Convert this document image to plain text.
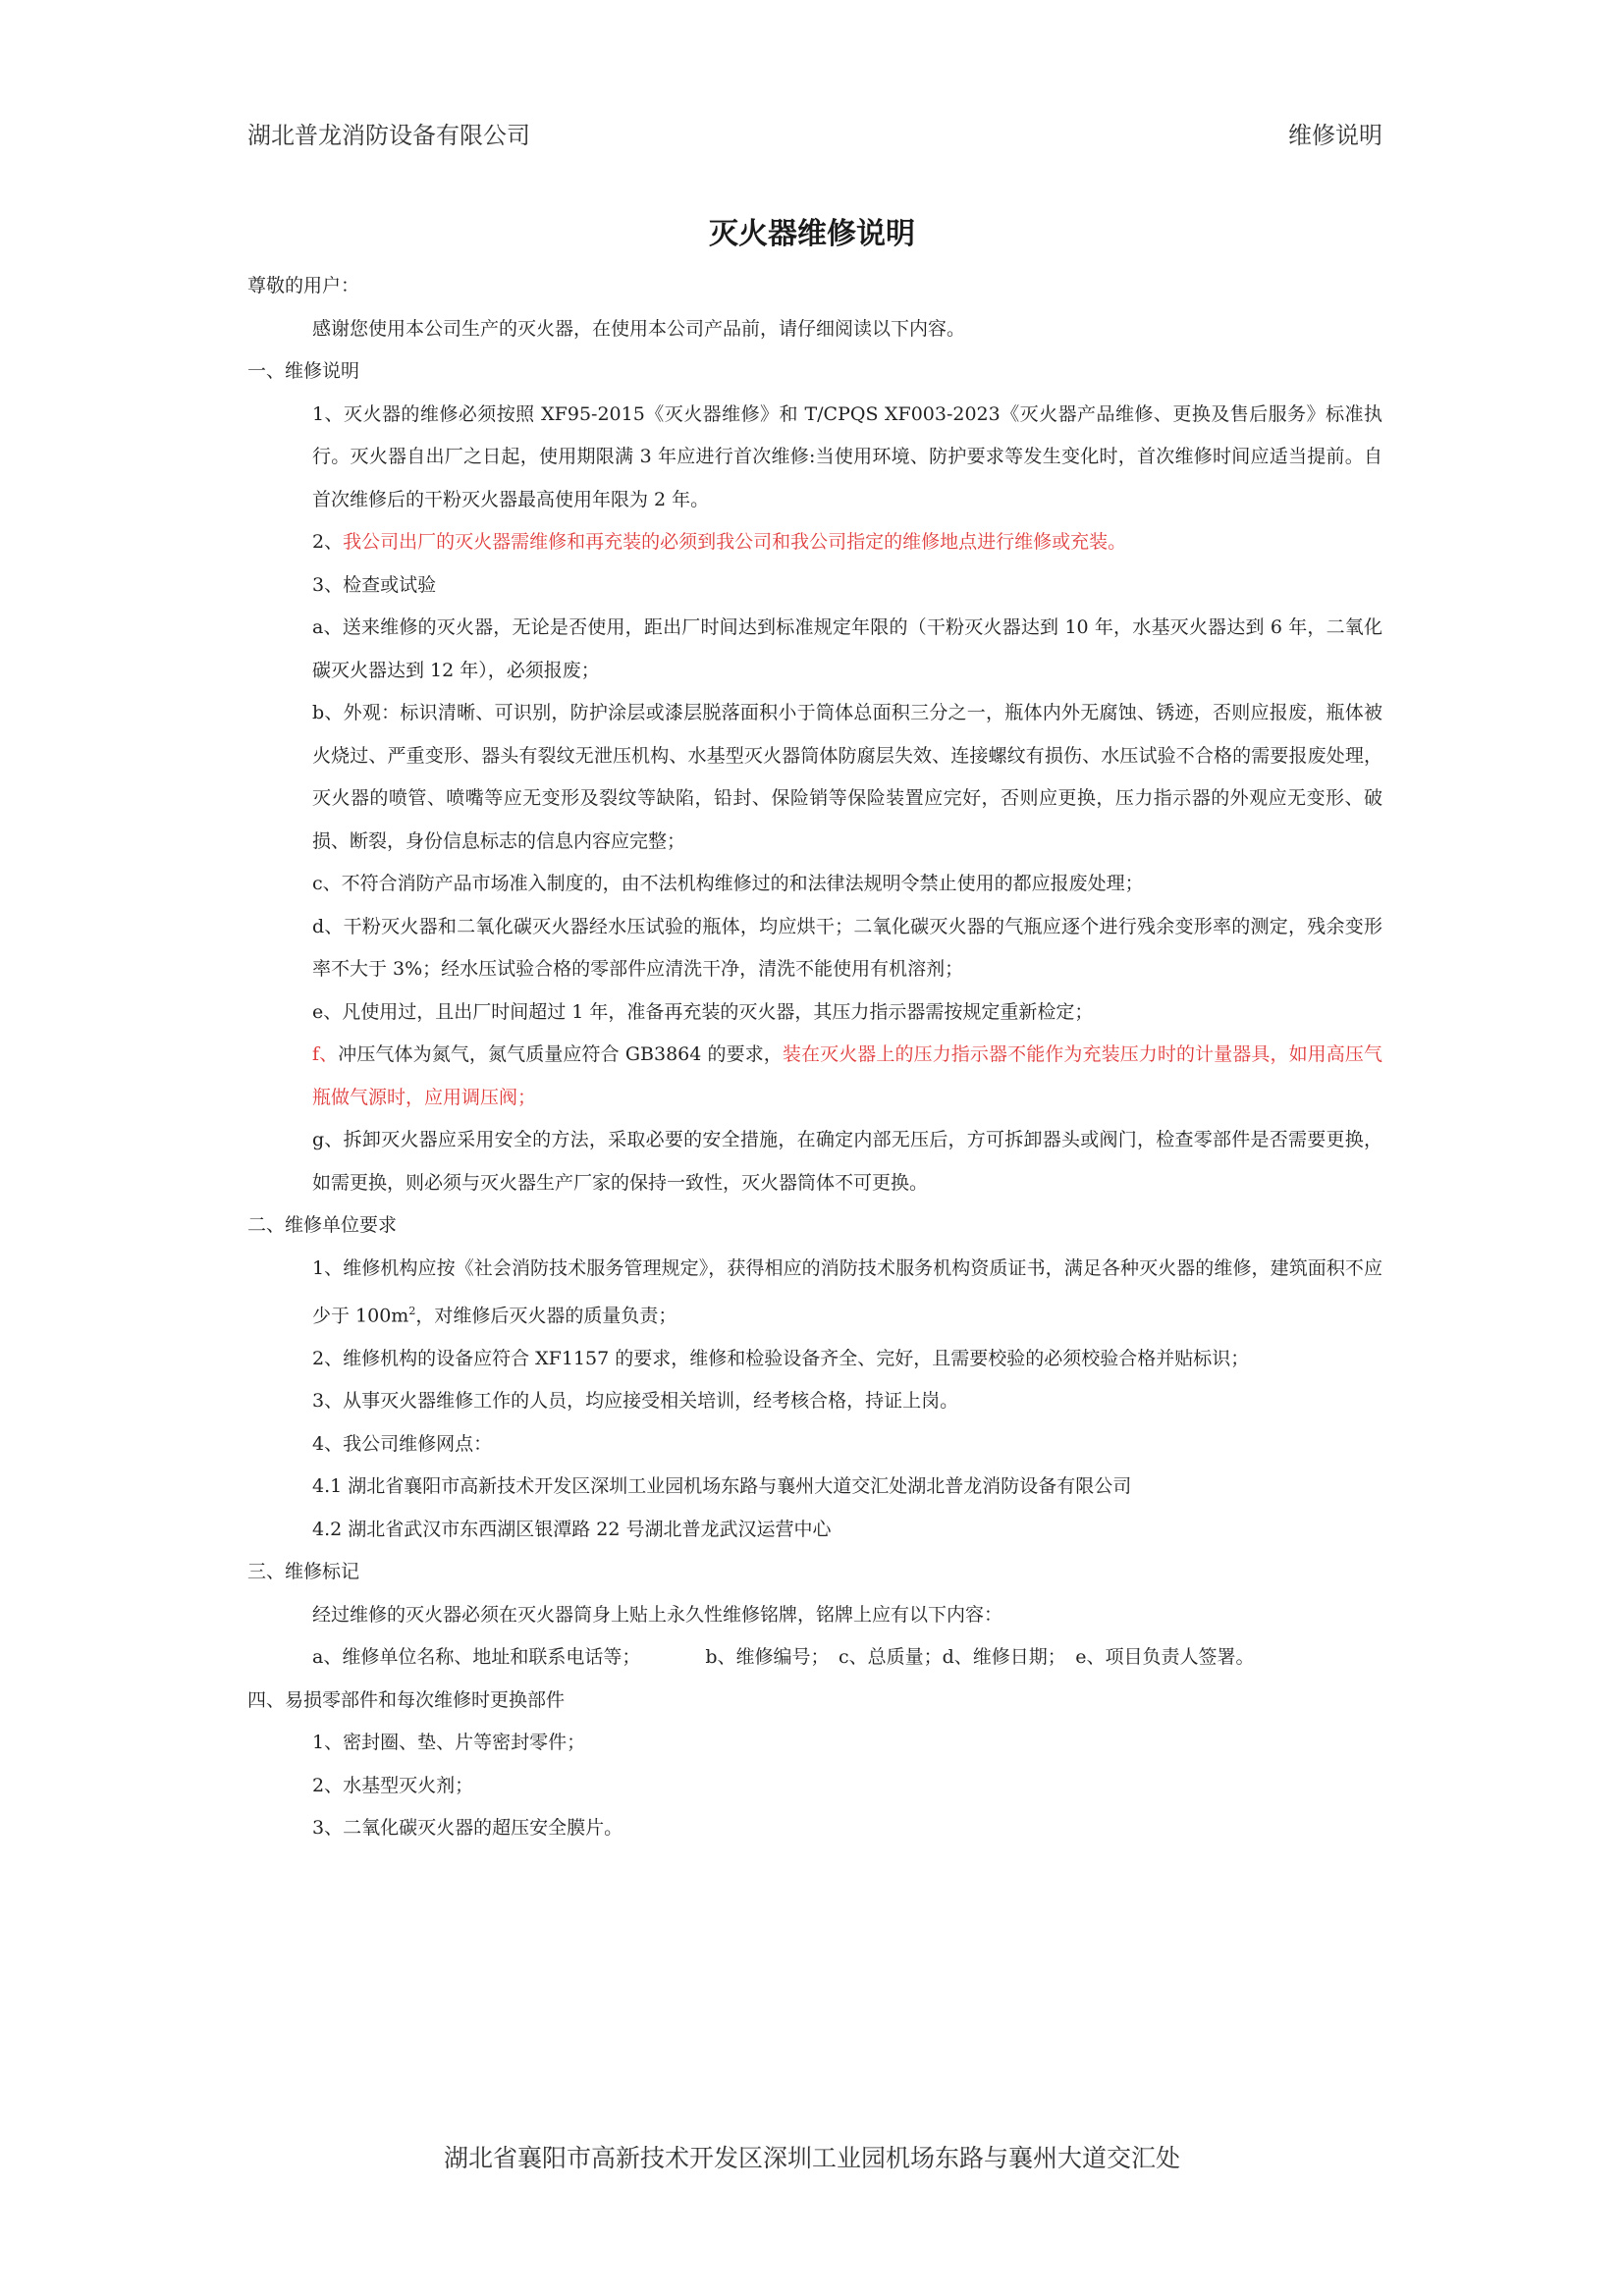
湖北普龙消防设备有限公司	维修说明
灭火器维修说明

尊敬的用户：

感谢您使用本公司生产的灭火器，在使用本公司产品前，请仔细阅读以下内容。

一、维修说明

1、灭火器的维修必须按照 XF95-2015《灭火器维修》和 T/CPQS XF003-2023《灭火器产品维修、更换及售后服务》标准执行。灭火器自出厂之日起，使用期限满 3 年应进行首次维修:当使用环境、防护要求等发生变化时，首次维修时间应适当提前。自首次维修后的干粉灭火器最高使用年限为 2 年。

2、我公司出厂的灭火器需维修和再充装的必须到我公司和我公司指定的维修地点进行维修或充装。

3、检查或试验

a、送来维修的灭火器，无论是否使用，距出厂时间达到标准规定年限的（干粉灭火器达到 10 年，水基灭火器达到 6 年，二氧化碳灭火器达到 12 年），必须报废；

b、外观：标识清晰、可识别，防护涂层或漆层脱落面积小于筒体总面积三分之一，瓶体内外无腐蚀、锈迹，否则应报废，瓶体被火烧过、严重变形、器头有裂纹无泄压机构、水基型灭火器筒体防腐层失效、连接螺纹有损伤、水压试验不合格的需要报废处理，灭火器的喷管、喷嘴等应无变形及裂纹等缺陷，铅封、保险销等保险装置应完好，否则应更换，压力指示器的外观应无变形、破损、断裂，身份信息标志的信息内容应完整；

c、不符合消防产品市场准入制度的，由不法机构维修过的和法律法规明令禁止使用的都应报废处理；

d、干粉灭火器和二氧化碳灭火器经水压试验的瓶体，均应烘干；二氧化碳灭火器的气瓶应逐个进行残余变形率的测定，残余变形率不大于 3%；经水压试验合格的零部件应清洗干净，清洗不能使用有机溶剂；

e、凡使用过，且出厂时间超过 1 年，准备再充装的灭火器，其压力指示器需按规定重新检定；

f、冲压气体为氮气，氮气质量应符合 GB3864 的要求，装在灭火器上的压力指示器不能作为充装压力时的计量器具，如用高压气瓶做气源时，应用调压阀；

g、拆卸灭火器应采用安全的方法，采取必要的安全措施，在确定内部无压后，方可拆卸器头或阀门，检查零部件是否需要更换，如需更换，则必须与灭火器生产厂家的保持一致性，灭火器筒体不可更换。

二、维修单位要求

1、维修机构应按《社会消防技术服务管理规定》，获得相应的消防技术服务机构资质证书，满足各种灭火器的维修，建筑面积不应少于 $100m^2$，对维修后灭火器的质量负责；

2、维修机构的设备应符合 XF1157 的要求，维修和检验设备齐全、完好，且需要校验的必须校验合格并贴标识；

3、从事灭火器维修工作的人员，均应接受相关培训，经考核合格，持证上岗。

4、我公司维修网点：

4.1 湖北省襄阳市高新技术开发区深圳工业园机场东路与襄州大道交汇处湖北普龙消防设备有限公司

4.2 湖北省武汉市东西湖区银潭路 22 号湖北普龙武汉运营中心

三、维修标记

经过维修的灭火器必须在灭火器筒身上贴上永久性维修铭牌，铭牌上应有以下内容：

a、维修单位名称、地址和联系电话等；	b、维修编号；　c、总质量；d、维修日期；　e、项目负责人签署。

四、易损零部件和每次维修时更换部件

1、密封圈、垫、片等密封零件；

2、水基型灭火剂；

3、二氧化碳灭火器的超压安全膜片。

湖北省襄阳市高新技术开发区深圳工业园机场东路与襄州大道交汇处
